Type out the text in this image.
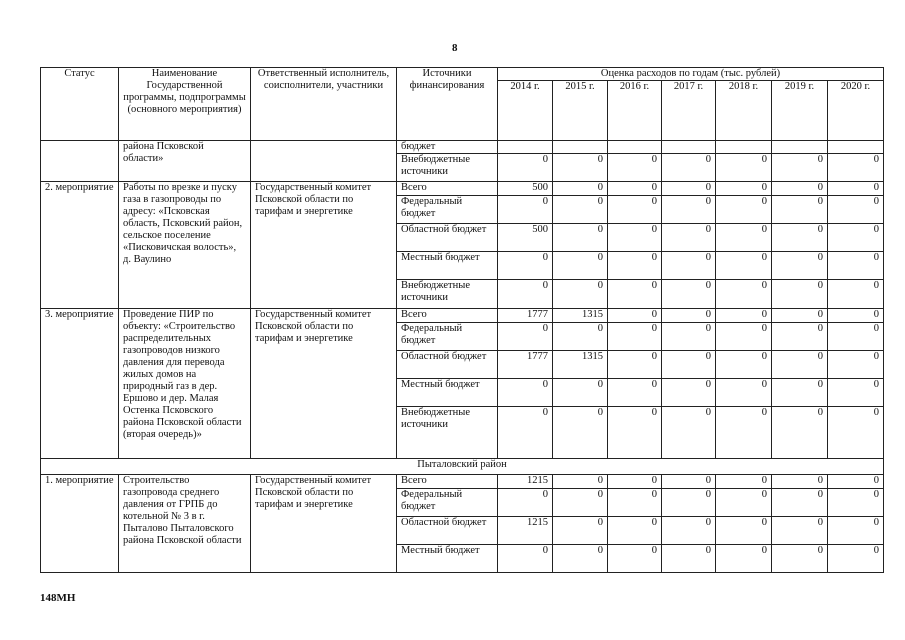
8
Статус	Наименование Государственной программы, подпрограммы (основного мероприятия)	Ответственный исполнитель, соисполнители, участники	Источники финансирования	Оценка расходов по годам (тыс. рублей)						
				2014 г.	2015 г.	2016 г.	2017 г.	2018 г.	2019 г.	2020 г.
	района Псковской области»		бюджет							
			Внебюджетные источники	0	0	0	0	0	0	0
2. мероприятие	Работы по врезке и пуску газа в газопроводы по адресу: «Псковская область, Псковский район, сельское поселение «Писковичская волость», д. Ваулино	Государственный комитет Псковской области по тарифам и энергетике	Всего	500	0	0	0	0	0	0
			Федеральный бюджет	0	0	0	0	0	0	0
			Областной бюджет	500	0	0	0	0	0	0
			Местный бюджет	0	0	0	0	0	0	0
			Внебюджетные источники	0	0	0	0	0	0	0
3. мероприятие	Проведение ПИР по объекту: «Строительство распределительных газопроводов низкого давления для перевода жилых домов на природный газ в дер. Ершово и дер. Малая Остенка Псковского района Псковской области (вторая очередь)»	Государственный комитет Псковской области по тарифам и энергетике	Всего	1777	1315	0	0	0	0	0
			Федеральный бюджет	0	0	0	0	0	0	0
			Областной бюджет	1777	1315	0	0	0	0	0
			Местный бюджет	0	0	0	0	0	0	0
			Внебюджетные источники	0	0	0	0	0	0	0
Пыталовский район										
1. мероприятие	Строительство газопровода среднего давления от ГРПБ до котельной № 3 в г. Пыталово Пыталовского района Псковской области	Государственный комитет Псковской области по тарифам и энергетике	Всего	1215	0	0	0	0	0	0
			Федеральный бюджет	0	0	0	0	0	0	0
			Областной бюджет	1215	0	0	0	0	0	0
			Местный бюджет	0	0	0	0	0	0	0
148МН
